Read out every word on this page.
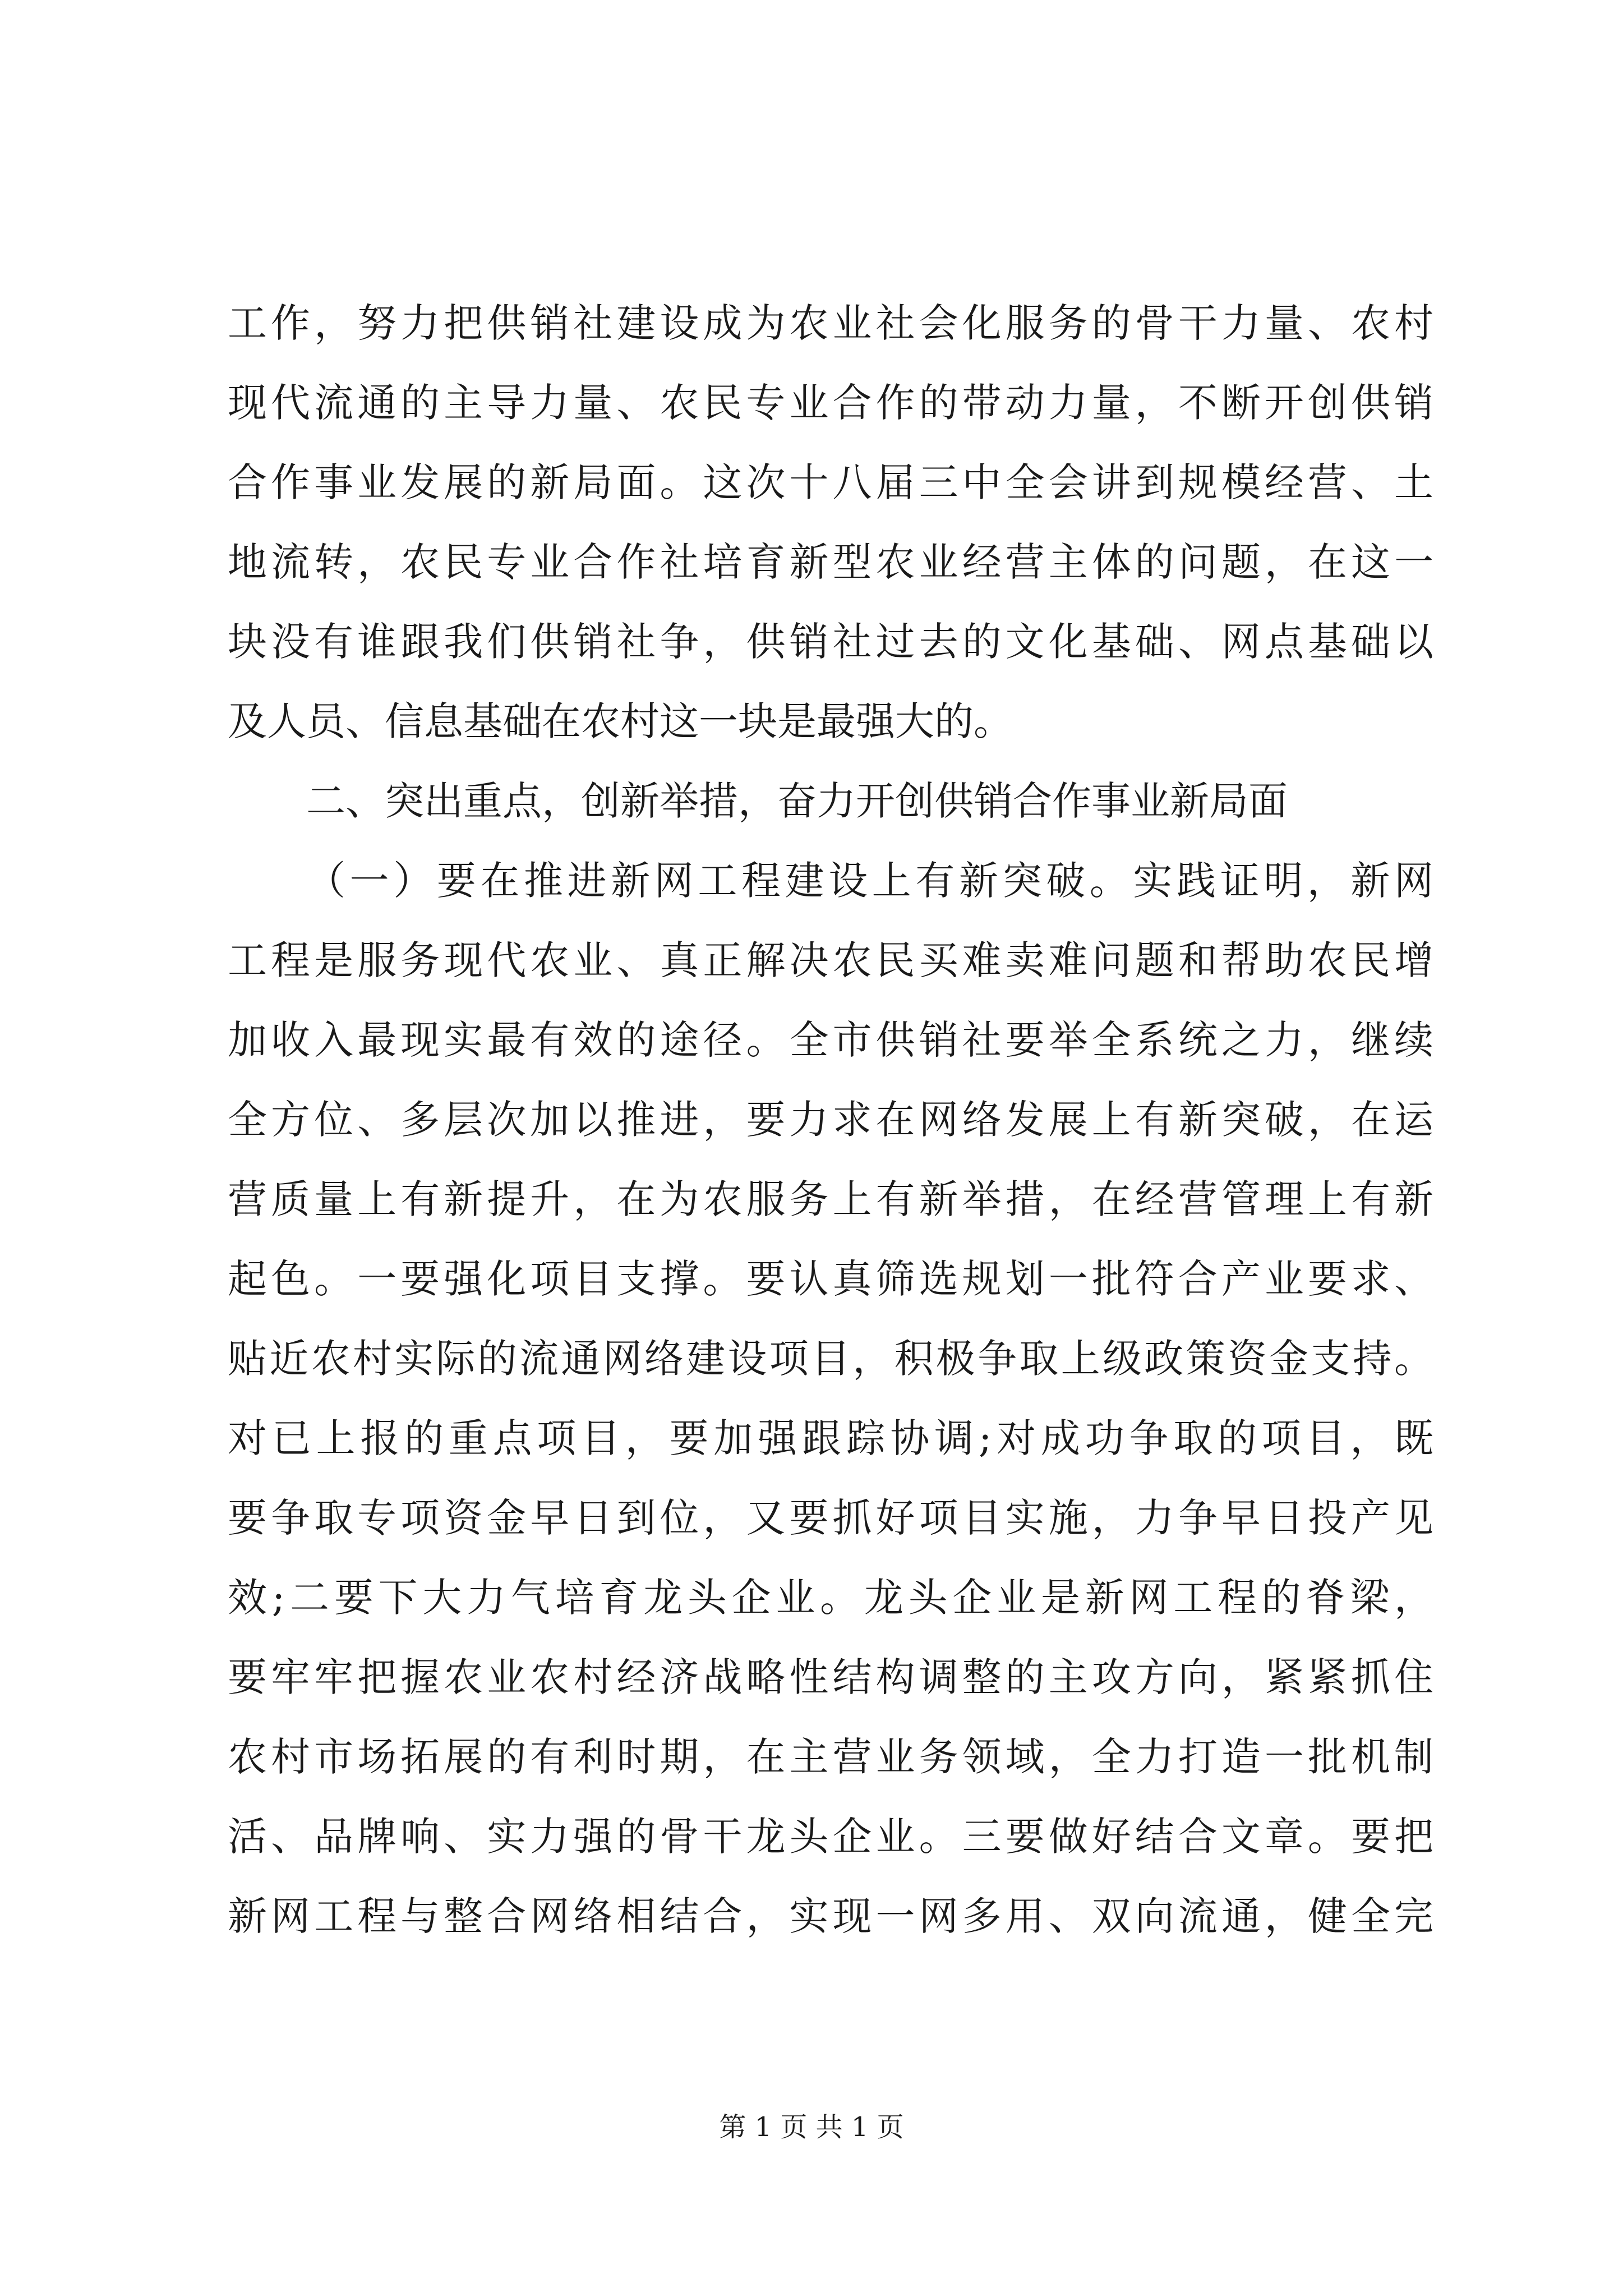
工作，努力把供销社建设成为农业社会化服务的骨干力量、农村
现代流通的主导力量、农民专业合作的带动力量，不断开创供销
合作事业发展的新局面。这次十八届三中全会讲到规模经营、土
地流转，农民专业合作社培育新型农业经营主体的问题，在这一
块没有谁跟我们供销社争，供销社过去的文化基础、网点基础以
及人员、信息基础在农村这一块是最强大的。
二、突出重点，创新举措，奋力开创供销合作事业新局面
（一）要在推进新网工程建设上有新突破。实践证明，新网
工程是服务现代农业、真正解决农民买难卖难问题和帮助农民增
加收入最现实最有效的途径。全市供销社要举全系统之力，继续
全方位、多层次加以推进，要力求在网络发展上有新突破，在运
营质量上有新提升，在为农服务上有新举措，在经营管理上有新
起色。一要强化项目支撑。要认真筛选规划一批符合产业要求、
贴近农村实际的流通网络建设项目，积极争取上级政策资金支持。
对已上报的重点项目，要加强跟踪协调;对成功争取的项目，既
要争取专项资金早日到位，又要抓好项目实施，力争早日投产见
效;二要下大力气培育龙头企业。龙头企业是新网工程的脊梁，
要牢牢把握农业农村经济战略性结构调整的主攻方向，紧紧抓住
农村市场拓展的有利时期，在主营业务领域，全力打造一批机制
活、品牌响、实力强的骨干龙头企业。三要做好结合文章。要把
新网工程与整合网络相结合，实现一网多用、双向流通，健全完
第 1 页 共 1 页
